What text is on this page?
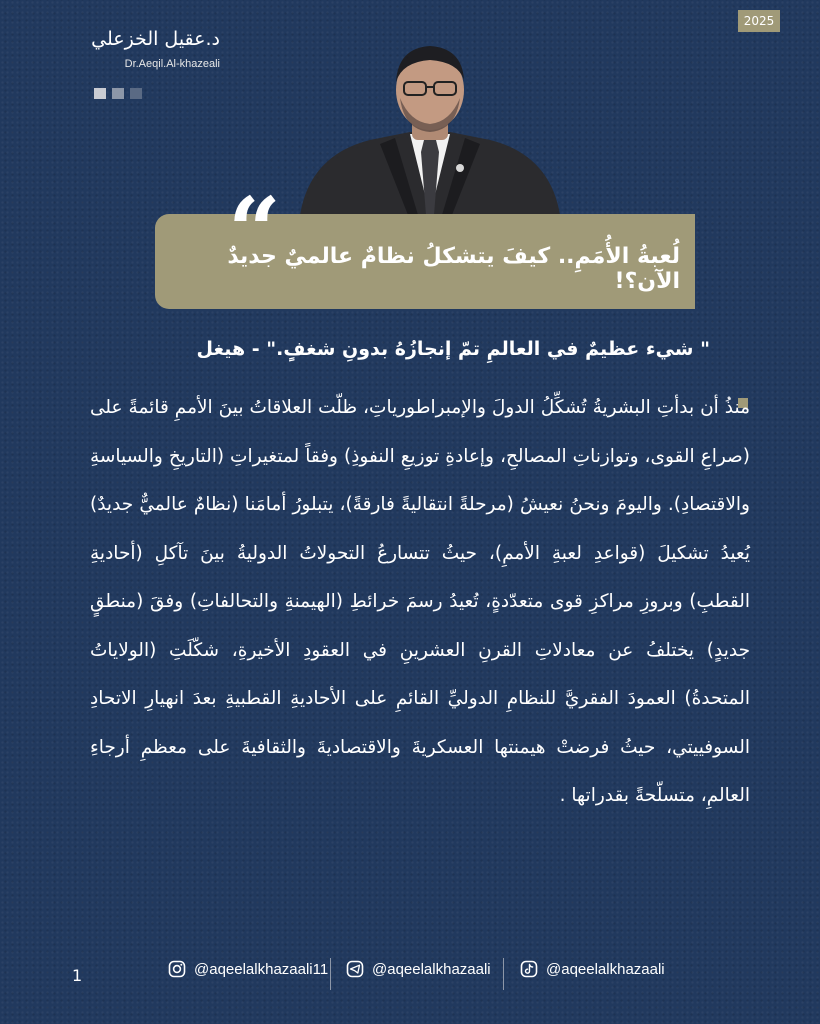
2025
د.عقيل الخزعلي
Dr.Aeqil.Al-khazeali
“
لُعبةُ الأُمَمِ.. كيفَ يتشكلُ نظامٌ عالميٌ جديدٌ الآن؟!
" شيء عظيمٌ في العالمِ تمّ إنجازُهُ بدونِ شغفٍ." - هيغل
منذُ أن بدأتِ البشريةُ تُشكِّلُ الدولَ والإمبراطورياتِ، ظلّت العلاقاتُ بينَ الأممِ قائمةً على (صراعِ القوى، وتوازناتِ المصالحِ، وإعادةِ توزيعِ النفوذِ) وفقاً لمتغيراتِ (التاريخِ والسياسةِ والاقتصادِ). واليومَ ونحنُ نعيشُ (مرحلةً انتقاليةً فارقةً)، يتبلورُ أمامَنا (نظامٌ عالميٌّ جديدٌ) يُعيدُ تشكيلَ (قواعدِ لعبةِ الأممِ)، حيثُ تتسارعُ التحولاتُ الدوليةُ بينَ تآكلِ (أحاديةِ القطبِ) وبروزِ مراكزِ قوى متعدّدةٍ، تُعيدُ رسمَ خرائطِ (الهيمنةِ والتحالفاتِ) وفقَ (منطقٍ جديدٍ) يختلفُ عن معادلاتِ القرنِ العشرينِ في العقودِ الأخيرةِ، شكّلَتِ (الولاياتُ المتحدةُ) العمودَ الفقريَّ للنظامِ الدوليِّ القائمِ على الأحاديةِ القطبيةِ بعدَ انهيارِ الاتحادِ السوفييتي، حيثُ فرضتْ هيمنتها العسكريةَ والاقتصاديةَ والثقافيةَ على معظمِ أرجاءِ العالمِ، متسلّحةً بقدراتها .
1	@aqeelalkhazaali11	@aqeelalkhazaali	@aqeelalkhazaali
